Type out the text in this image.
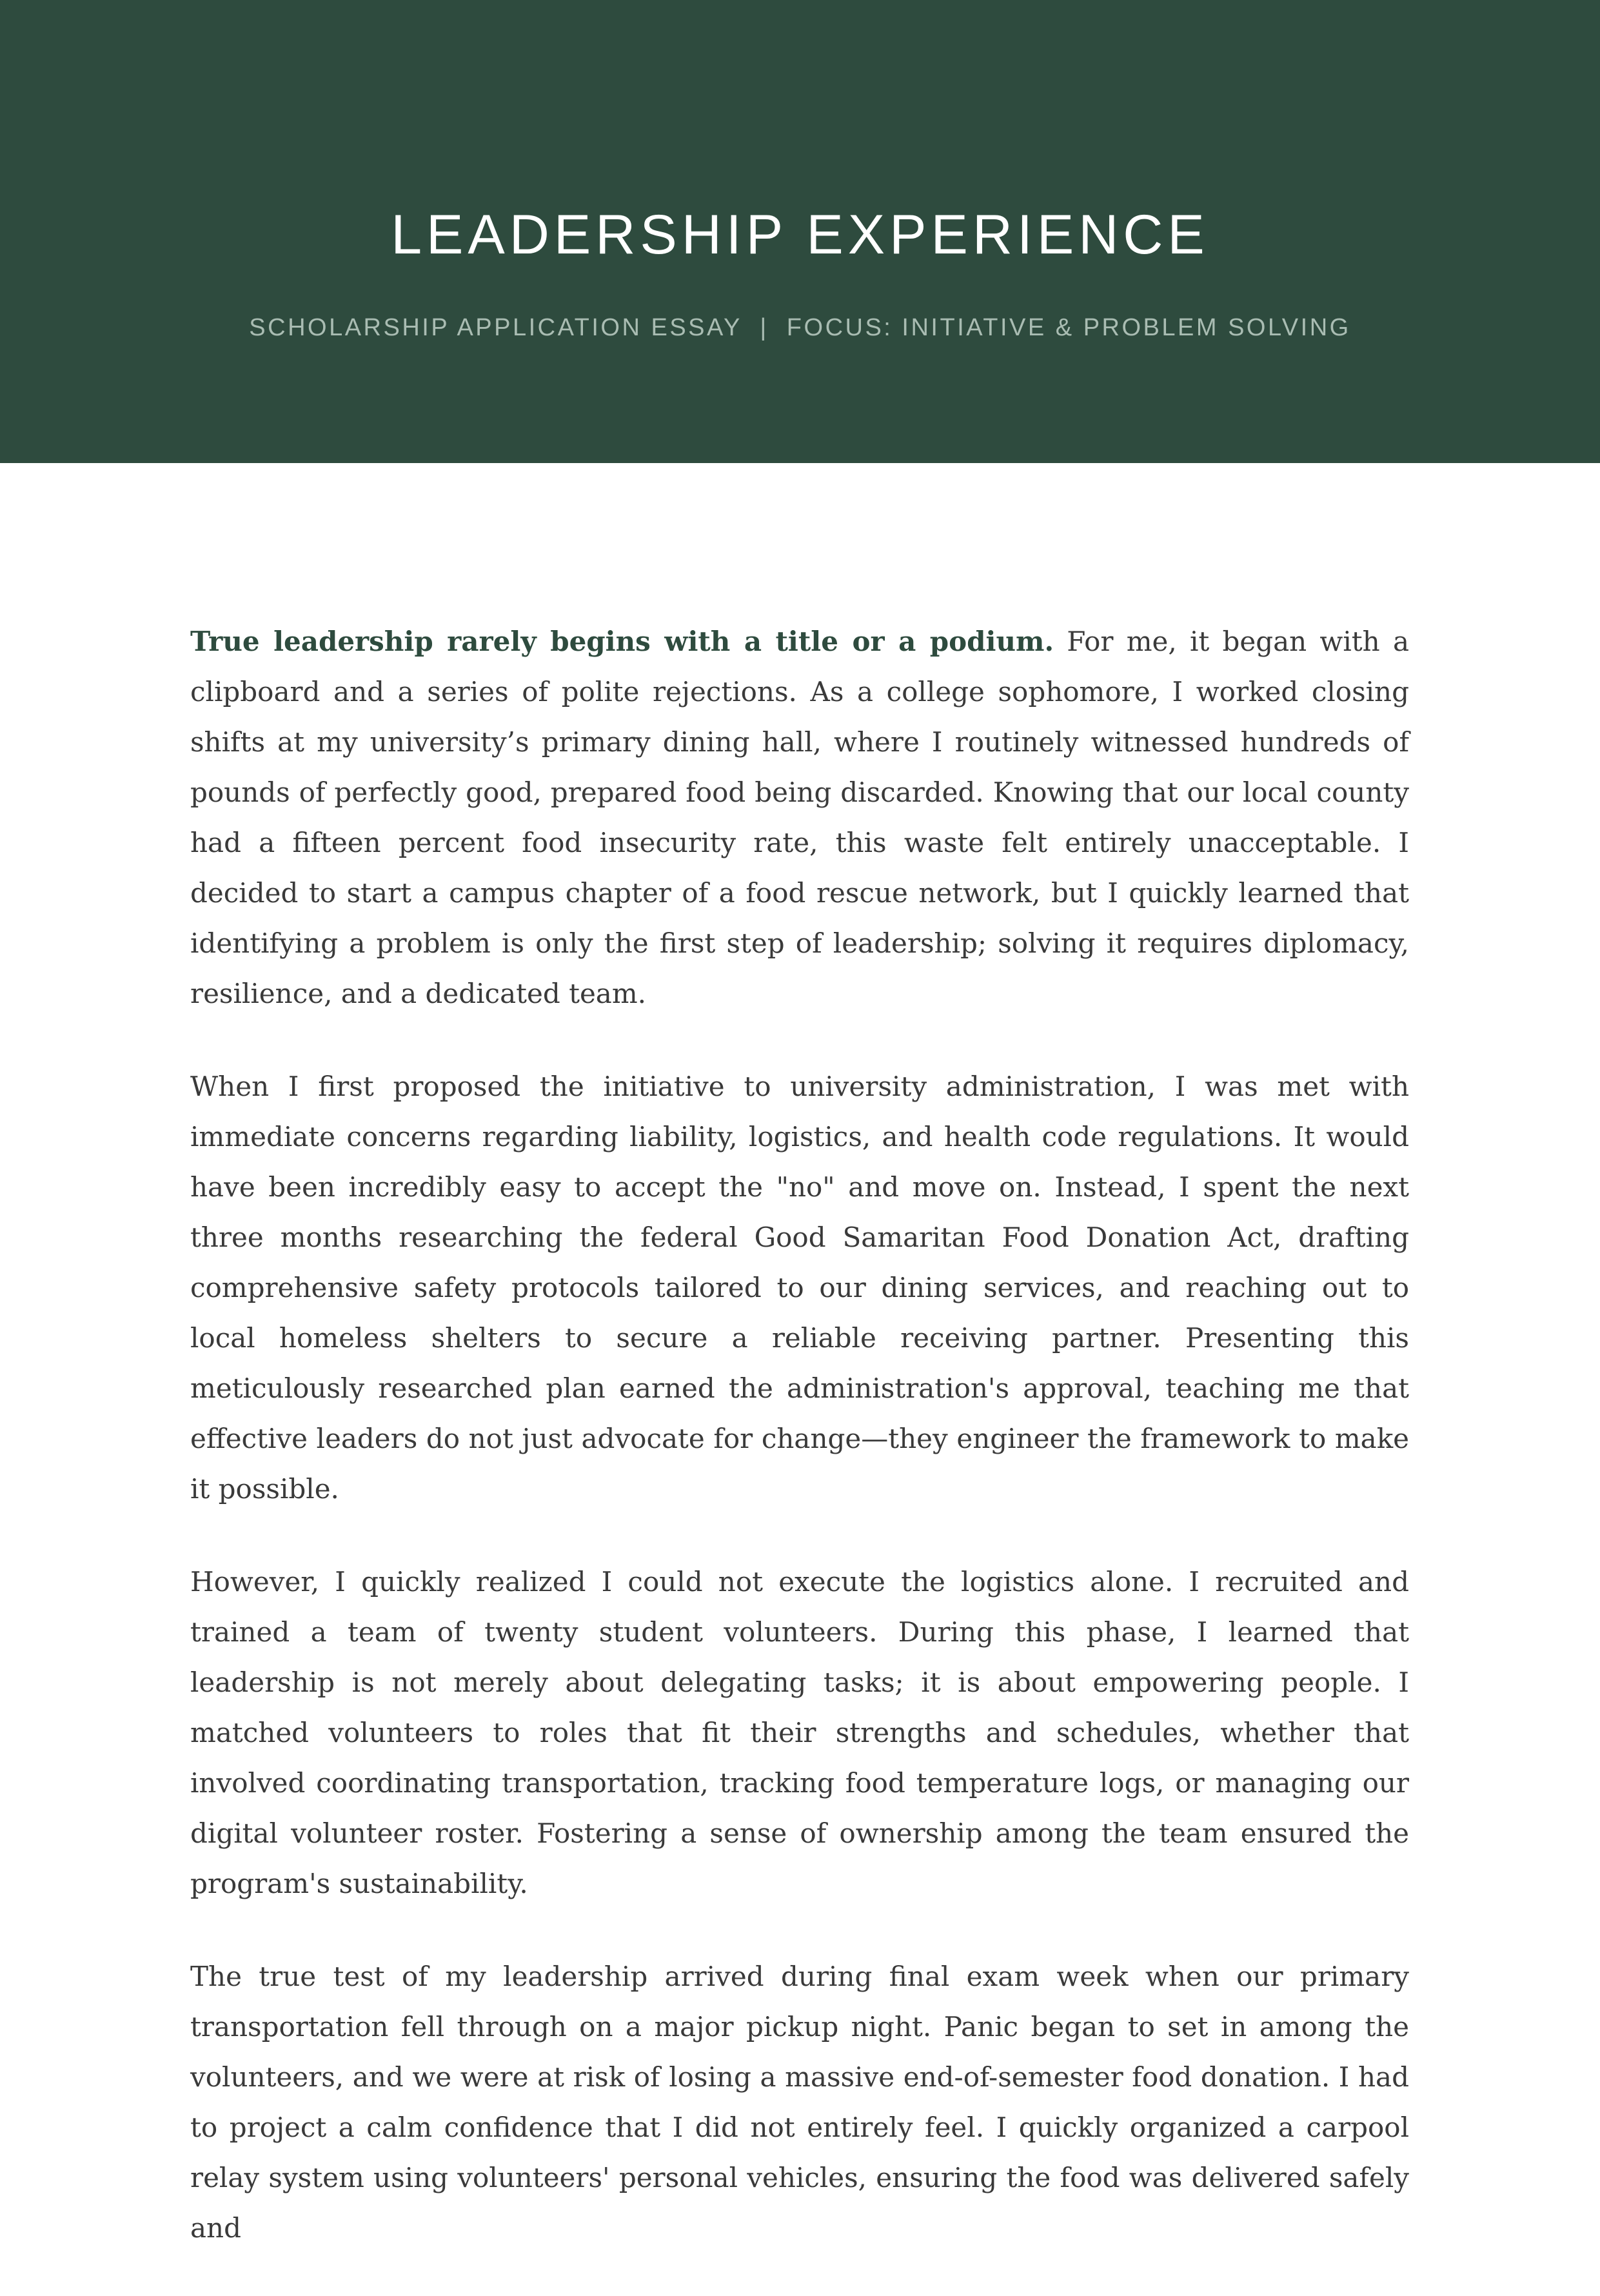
LEADERSHIP EXPERIENCE
SCHOLARSHIP APPLICATION ESSAY  |  FOCUS: INITIATIVE & PROBLEM SOLVING

True leadership rarely begins with a title or a podium. For me, it began with a clipboard and a series of polite rejections. As a college sophomore, I worked closing shifts at my university’s primary dining hall, where I routinely witnessed hundreds of pounds of perfectly good, prepared food being discarded. Knowing that our local county had a fifteen percent food insecurity rate, this waste felt entirely unacceptable. I decided to start a campus chapter of a food rescue network, but I quickly learned that identifying a problem is only the first step of leadership; solving it requires diplomacy, resilience, and a dedicated team.

When I first proposed the initiative to university administration, I was met with immediate concerns regarding liability, logistics, and health code regulations. It would have been incredibly easy to accept the "no" and move on. Instead, I spent the next three months researching the federal Good Samaritan Food Donation Act, drafting comprehensive safety protocols tailored to our dining services, and reaching out to local homeless shelters to secure a reliable receiving partner. Presenting this meticulously researched plan earned the administration's approval, teaching me that effective leaders do not just advocate for change—they engineer the framework to make it possible.

However, I quickly realized I could not execute the logistics alone. I recruited and trained a team of twenty student volunteers. During this phase, I learned that leadership is not merely about delegating tasks; it is about empowering people. I matched volunteers to roles that fit their strengths and schedules, whether that involved coordinating transportation, tracking food temperature logs, or managing our digital volunteer roster. Fostering a sense of ownership among the team ensured the program's sustainability.

The true test of my leadership arrived during final exam week when our primary transportation fell through on a major pickup night. Panic began to set in among the volunteers, and we were at risk of losing a massive end-of-semester food donation. I had to project a calm confidence that I did not entirely feel. I quickly organized a carpool relay system using volunteers' personal vehicles, ensuring the food was delivered safely and
